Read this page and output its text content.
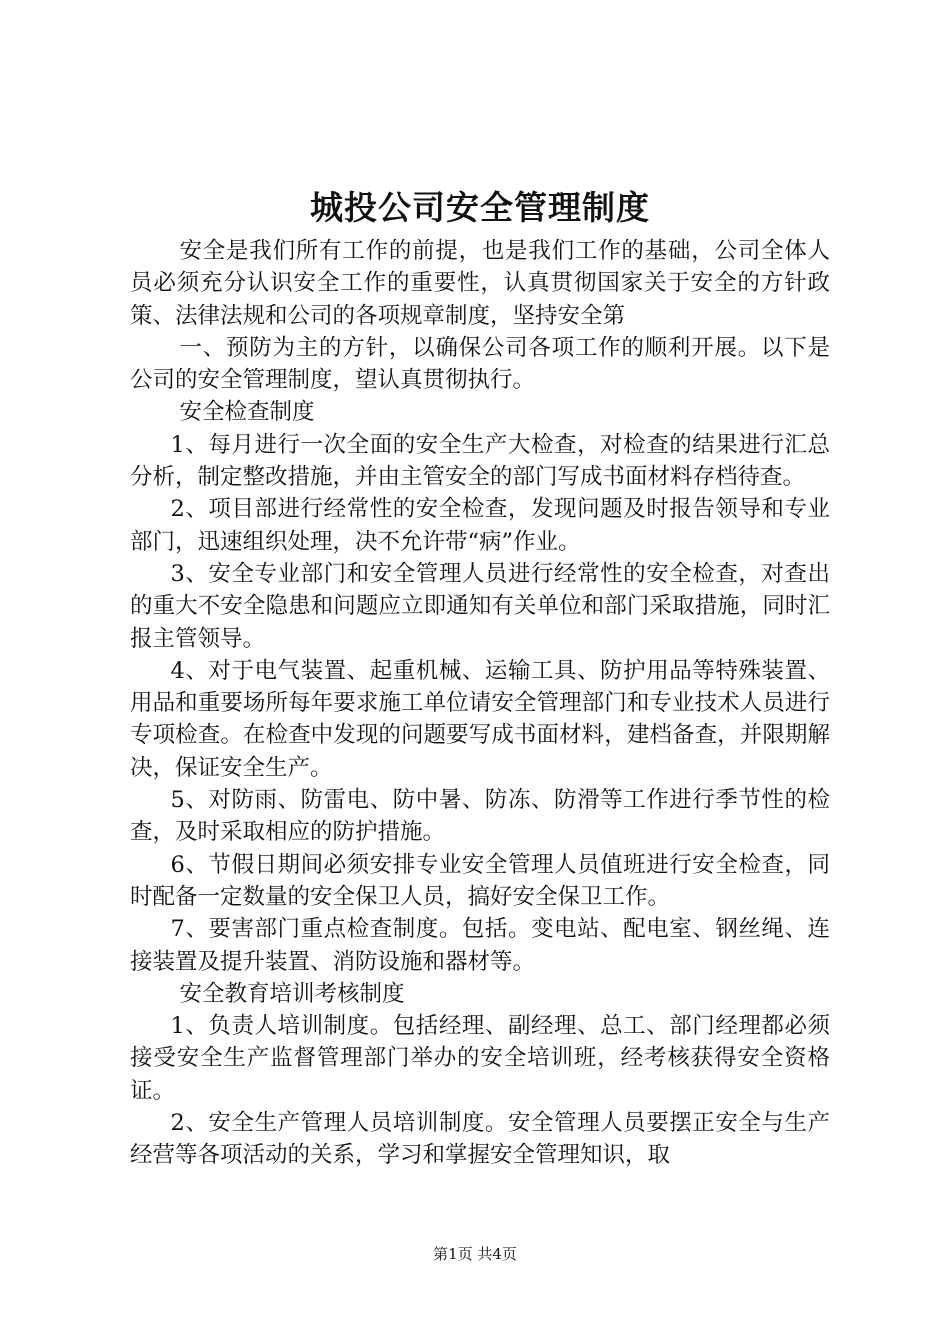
城投公司安全管理制度

安全是我们所有工作的前提，也是我们工作的基础，公司全体人员必须充分认识安全工作的重要性，认真贯彻国家关于安全的方针政策、法律法规和公司的各项规章制度，坚持安全第

一、预防为主的方针，以确保公司各项工作的顺利开展。以下是公司的安全管理制度，望认真贯彻执行。

安全检查制度

1、每月进行一次全面的安全生产大检查，对检查的结果进行汇总分析，制定整改措施，并由主管安全的部门写成书面材料存档待查。

2、项目部进行经常性的安全检查，发现问题及时报告领导和专业部门，迅速组织处理，决不允许带“病”作业。

3、安全专业部门和安全管理人员进行经常性的安全检查，对查出的重大不安全隐患和问题应立即通知有关单位和部门采取措施，同时汇报主管领导。

4、对于电气装置、起重机械、运输工具、防护用品等特殊装置、用品和重要场所每年要求施工单位请安全管理部门和专业技术人员进行专项检查。在检查中发现的问题要写成书面材料，建档备查，并限期解决，保证安全生产。

5、对防雨、防雷电、防中暑、防冻、防滑等工作进行季节性的检查，及时采取相应的防护措施。

6、节假日期间必须安排专业安全管理人员值班进行安全检查，同时配备一定数量的安全保卫人员，搞好安全保卫工作。

7、要害部门重点检查制度。包括。变电站、配电室、钢丝绳、连接装置及提升装置、消防设施和器材等。

安全教育培训考核制度

1、负责人培训制度。包括经理、副经理、总工、部门经理都必须接受安全生产监督管理部门举办的安全培训班，经考核获得安全资格证。

2、安全生产管理人员培训制度。安全管理人员要摆正安全与生产经营等各项活动的关系，学习和掌握安全管理知识，取

第1页 共4页
